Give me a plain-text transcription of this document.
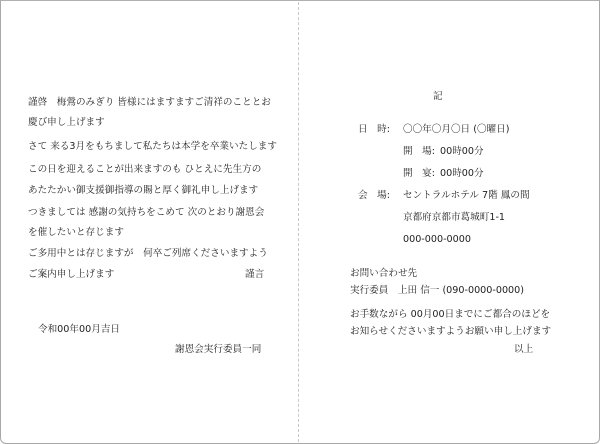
謹啓　梅鶯のみぎり 皆様にはますますご清祥のこととお
慶び申し上げます
さて 来る3月をもちまして私たちは本学を卒業いたします
この日を迎えることが出来ますのも ひとえに先生方の
あたたかい御支援御指導の賜と厚く御礼申し上げます
つきましては 感謝の気持ちをこめて 次のとおり謝恩会
を催したいと存じます
ご多用中とは存じますが　何卒ご列席くださいますよう
ご案内申し上げます	謹言
令和00年00月吉日
謝恩会実行委員一同
記
日　時: 〇〇年〇月〇日 (〇曜日)
開　場: 00時00分
開　宴: 00時00分
会　場: セントラルホテル 7階 鳳の間
京都府京都市葛城町1-1
000-000-0000
お問い合わせ先
実行委員　上田 信一 (090-0000-0000)
お手数ながら 00月00日までにご都合のほどを
お知らせくださいますようお願い申し上げます
以上
